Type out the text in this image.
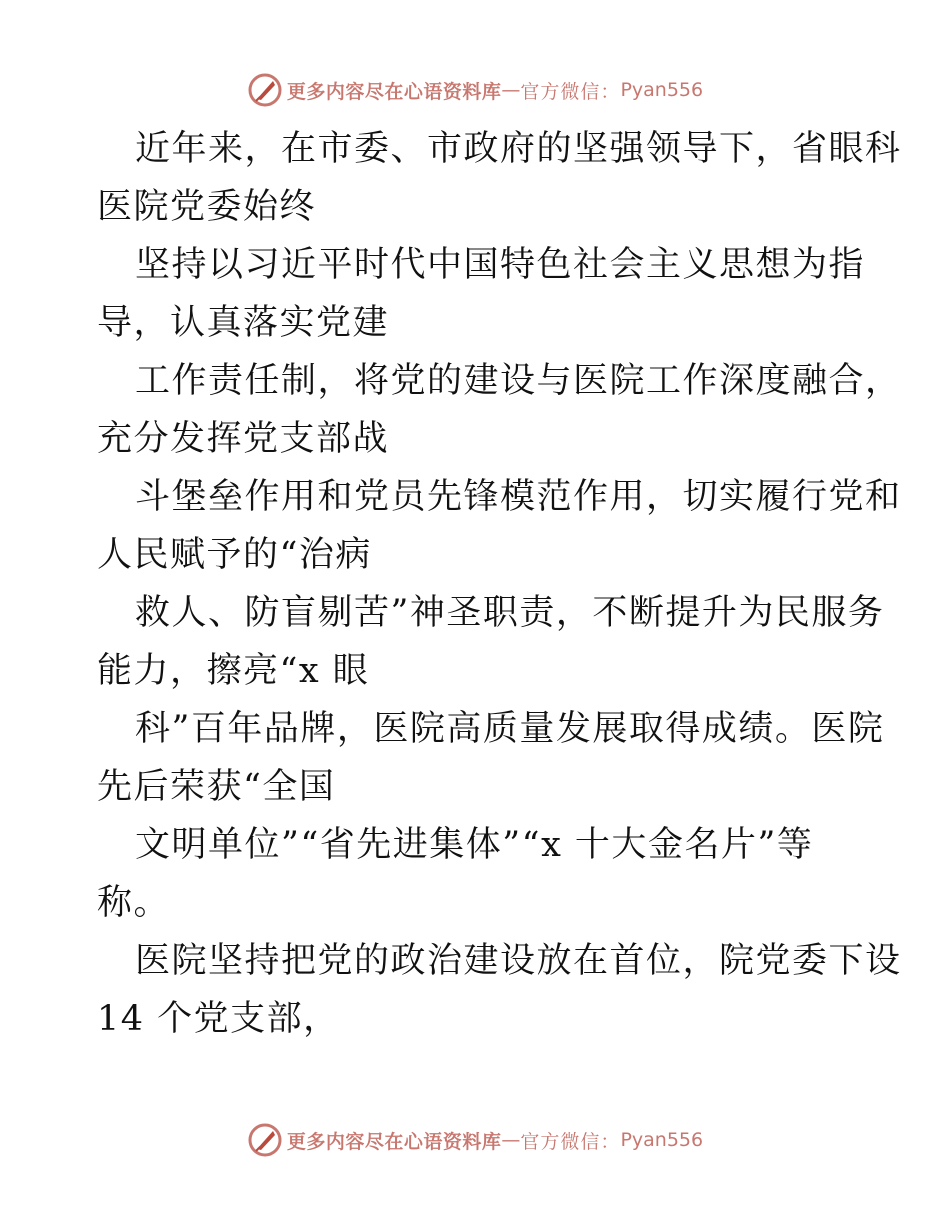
更多内容尽在心语资料库 — 官方微信： Pyan556
近年来，在市委、市政府的坚强领导下，省眼科
医院党委始终
坚持以习近平时代中国特色社会主义思想为指
导，认真落实党建
工作责任制，将党的建设与医院工作深度融合，
充分发挥党支部战
斗堡垒作用和党员先锋模范作用，切实履行党和
人民赋予的“治病
救人、防盲剔苦”神圣职责，不断提升为民服务
能力，擦亮“x 眼
科”百年品牌，医院高质量发展取得成绩。医院
先后荣获“全国
文明单位”“省先进集体”“x 十大金名片”等
称。
医院坚持把党的政治建设放在首位，院党委下设
14 个党支部，
更多内容尽在心语资料库 — 官方微信： Pyan556
